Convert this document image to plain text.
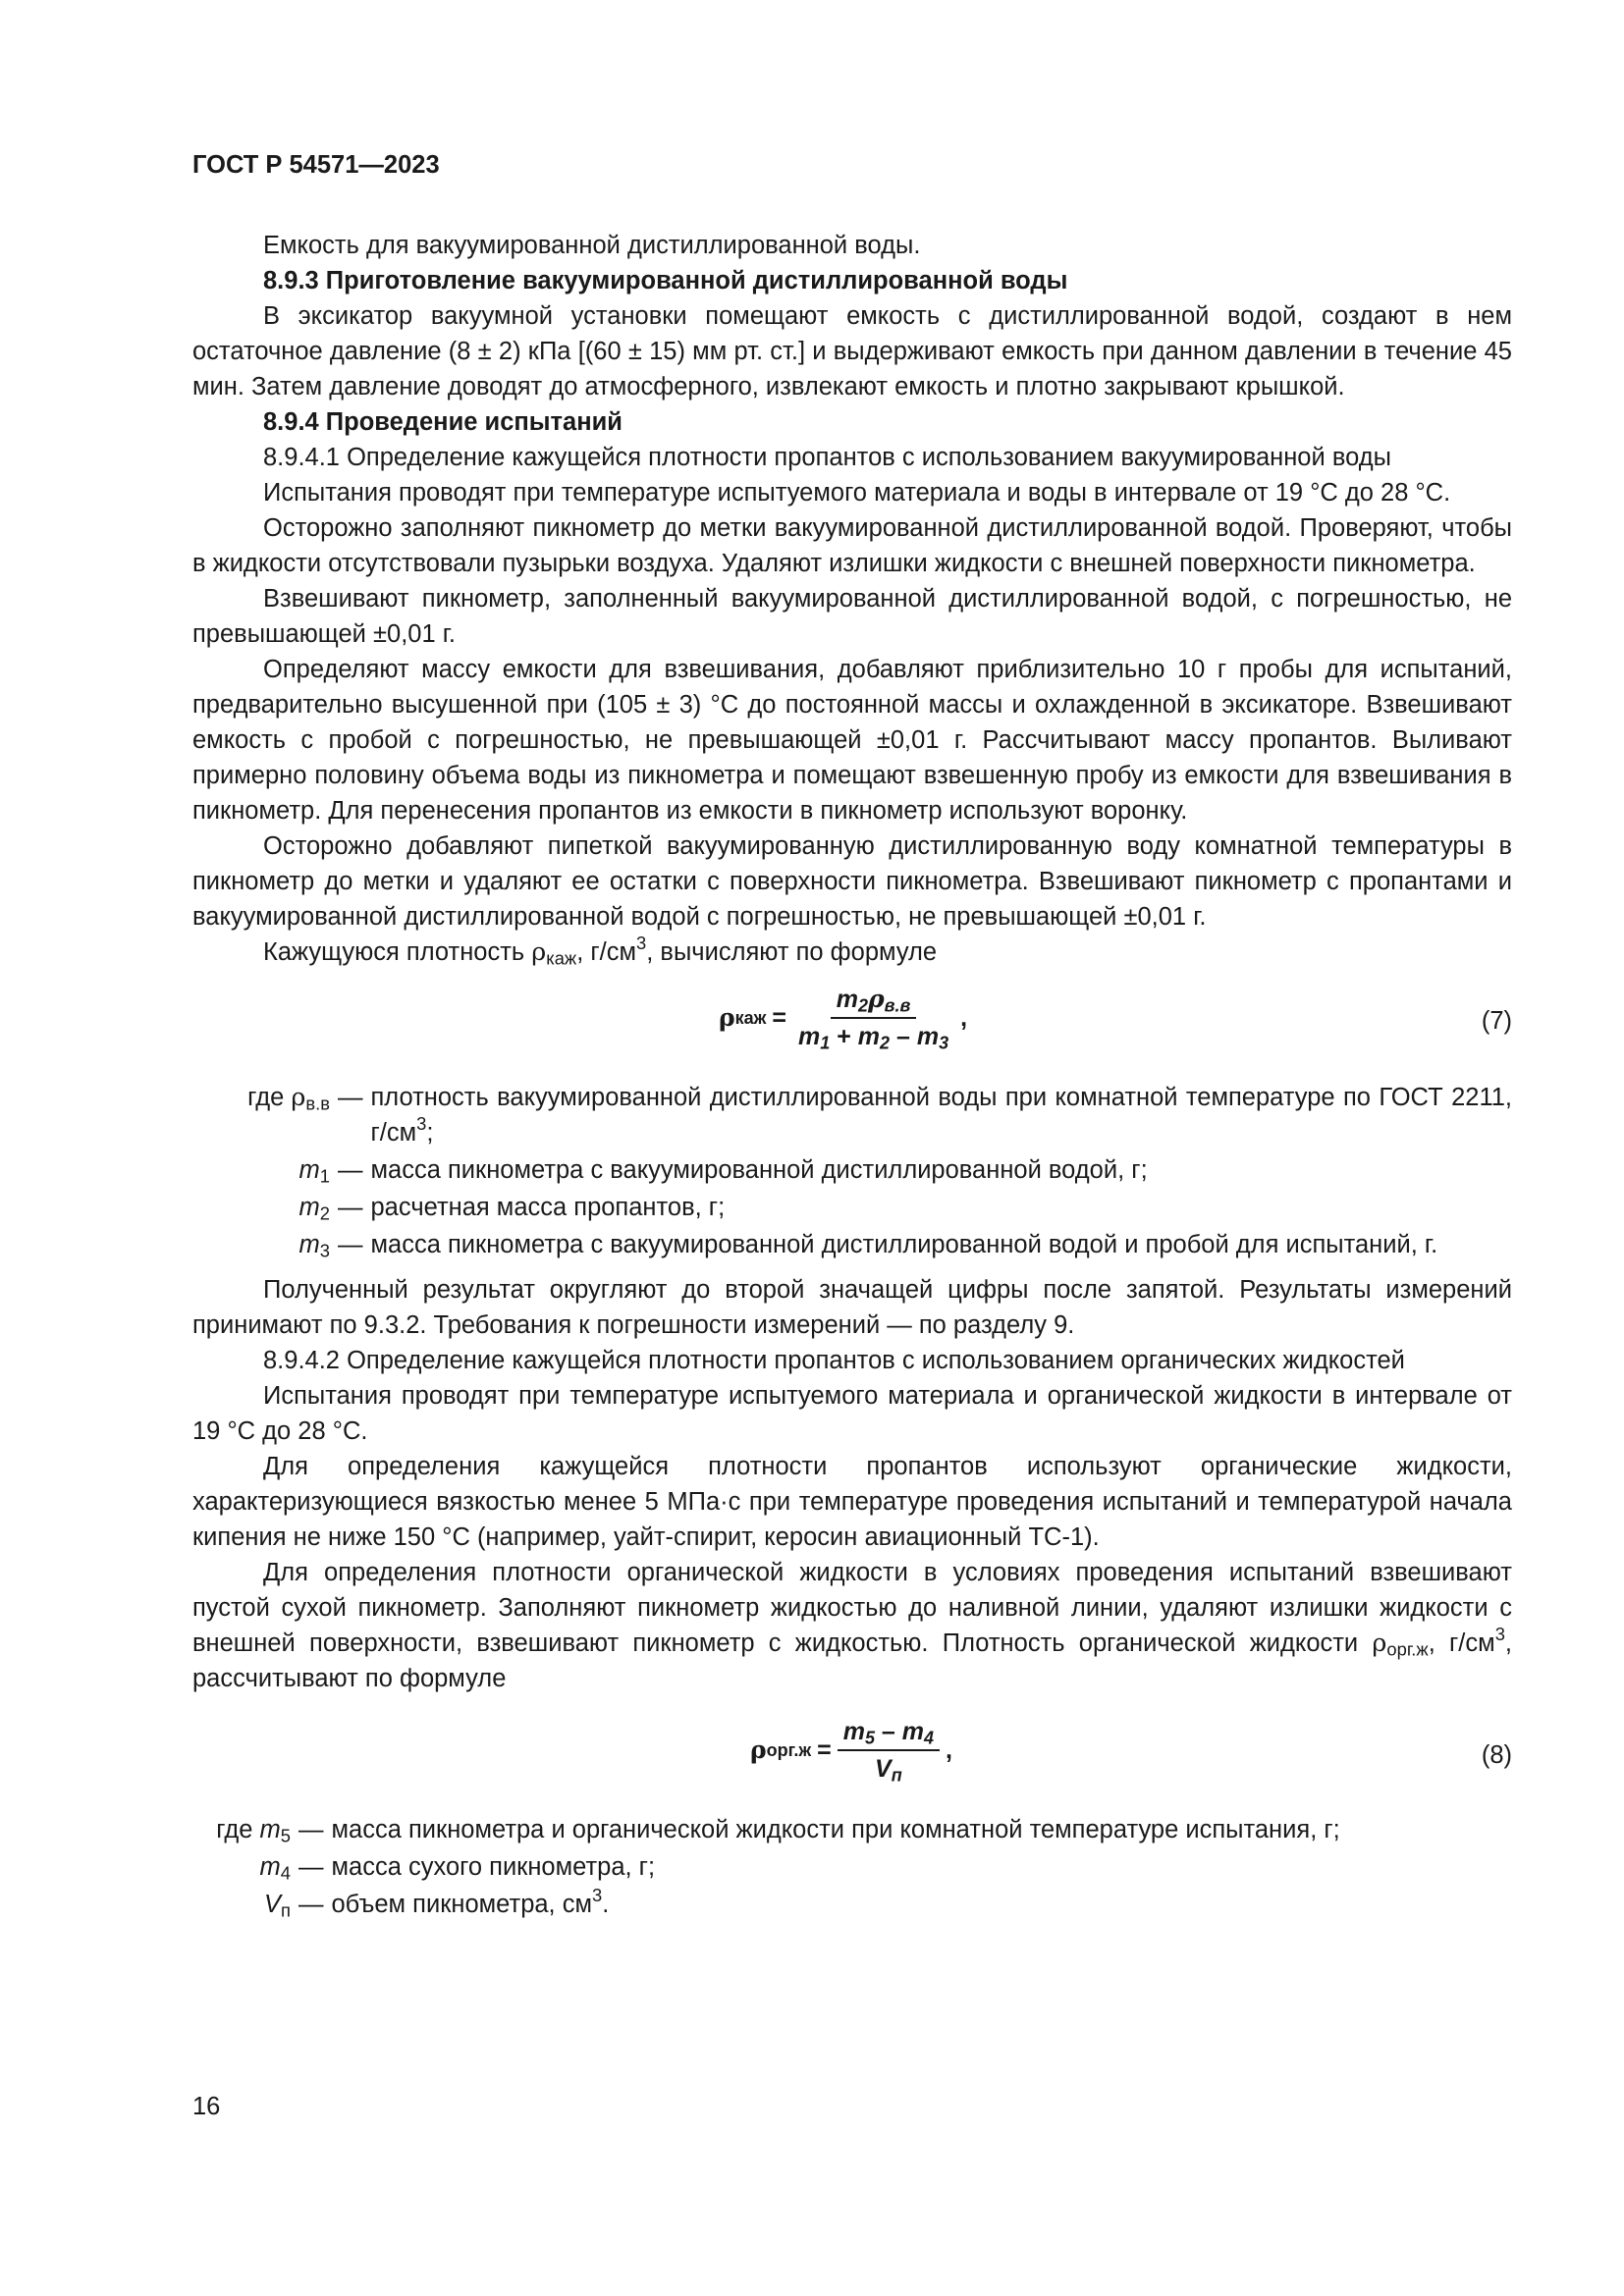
ГОСТ Р 54571—2023

Емкость для вакуумированной дистиллированной воды.

8.9.3 Приготовление вакуумированной дистиллированной воды

В эксикатор вакуумной установки помещают емкость с дистиллированной водой, создают в нем остаточное давление (8 ± 2) кПа [(60 ± 15) мм рт. ст.] и выдерживают емкость при данном давлении в течение 45 мин. Затем давление доводят до атмосферного, извлекают емкость и плотно закрывают крышкой.

8.9.4 Проведение испытаний

8.9.4.1 Определение кажущейся плотности пропантов с использованием вакуумированной воды

Испытания проводят при температуре испытуемого материала и воды в интервале от 19 °С до 28 °С.

Осторожно заполняют пикнометр до метки вакуумированной дистиллированной водой. Проверяют, чтобы в жидкости отсутствовали пузырьки воздуха. Удаляют излишки жидкости с внешней поверхности пикнометра.

Взвешивают пикнометр, заполненный вакуумированной дистиллированной водой, с погрешностью, не превышающей ±0,01 г.

Определяют массу емкости для взвешивания, добавляют приблизительно 10 г пробы для испытаний, предварительно высушенной при (105 ± 3) °С до постоянной массы и охлажденной в эксикаторе. Взвешивают емкость с пробой с погрешностью, не превышающей ±0,01 г. Рассчитывают массу пропантов. Выливают примерно половину объема воды из пикнометра и помещают взвешенную пробу из емкости для взвешивания в пикнометр. Для перенесения пропантов из емкости в пикнометр используют воронку.

Осторожно добавляют пипеткой вакуумированную дистиллированную воду комнатной температуры в пикнометр до метки и удаляют ее остатки с поверхности пикнометра. Взвешивают пикнометр с пропантами и вакуумированной дистиллированной водой с погрешностью, не превышающей ±0,01 г.

Кажущуюся плотность $\rho_{каж}$, $г/см^3$, вычисляют по формуле

ρ каж = $\frac{m_2\rho_{в.в}}{m_1 + m_2 - m_3}$ ,	(7)
где $\rho_{в.в}$ — плотность вакуумированной дистиллированной воды при комнатной температуре по ГОСТ 2211, $г/см^3$;
$m_1$ — масса пикнометра с вакуумированной дистиллированной водой, г;
$m_2$ — расчетная масса пропантов, г;
$m_3$ — масса пикнометра с вакуумированной дистиллированной водой и пробой для испытаний, г.

Полученный результат округляют до второй значащей цифры после запятой. Результаты измерений принимают по 9.3.2. Требования к погрешности измерений — по разделу 9.

8.9.4.2 Определение кажущейся плотности пропантов с использованием органических жидкостей

Испытания проводят при температуре испытуемого материала и органической жидкости в интервале от 19 °С до 28 °С.

Для определения кажущейся плотности пропантов используют органические жидкости, характеризующиеся вязкостью менее 5 МПа·с при температуре проведения испытаний и температурой начала кипения не ниже 150 °С (например, уайт-спирит, керосин авиационный ТС-1).

Для определения плотности органической жидкости в условиях проведения испытаний взвешивают пустой сухой пикнометр. Заполняют пикнометр жидкостью до наливной линии, удаляют излишки жидкости с внешней поверхности, взвешивают пикнометр с жидкостью. Плотность органической жидкости $\rho_{орг.ж}$, $г/см^3$, рассчитывают по формуле

ρ $орг.ж = \frac{m_5 - m_4}{V_п}$ ,	(8)
где $m_5$ — масса пикнометра и органической жидкости при комнатной температуре испытания, г;
$m_4$ — масса сухого пикнометра, г;
$V_п$ — объем пикнометра, $см^3$.
16
